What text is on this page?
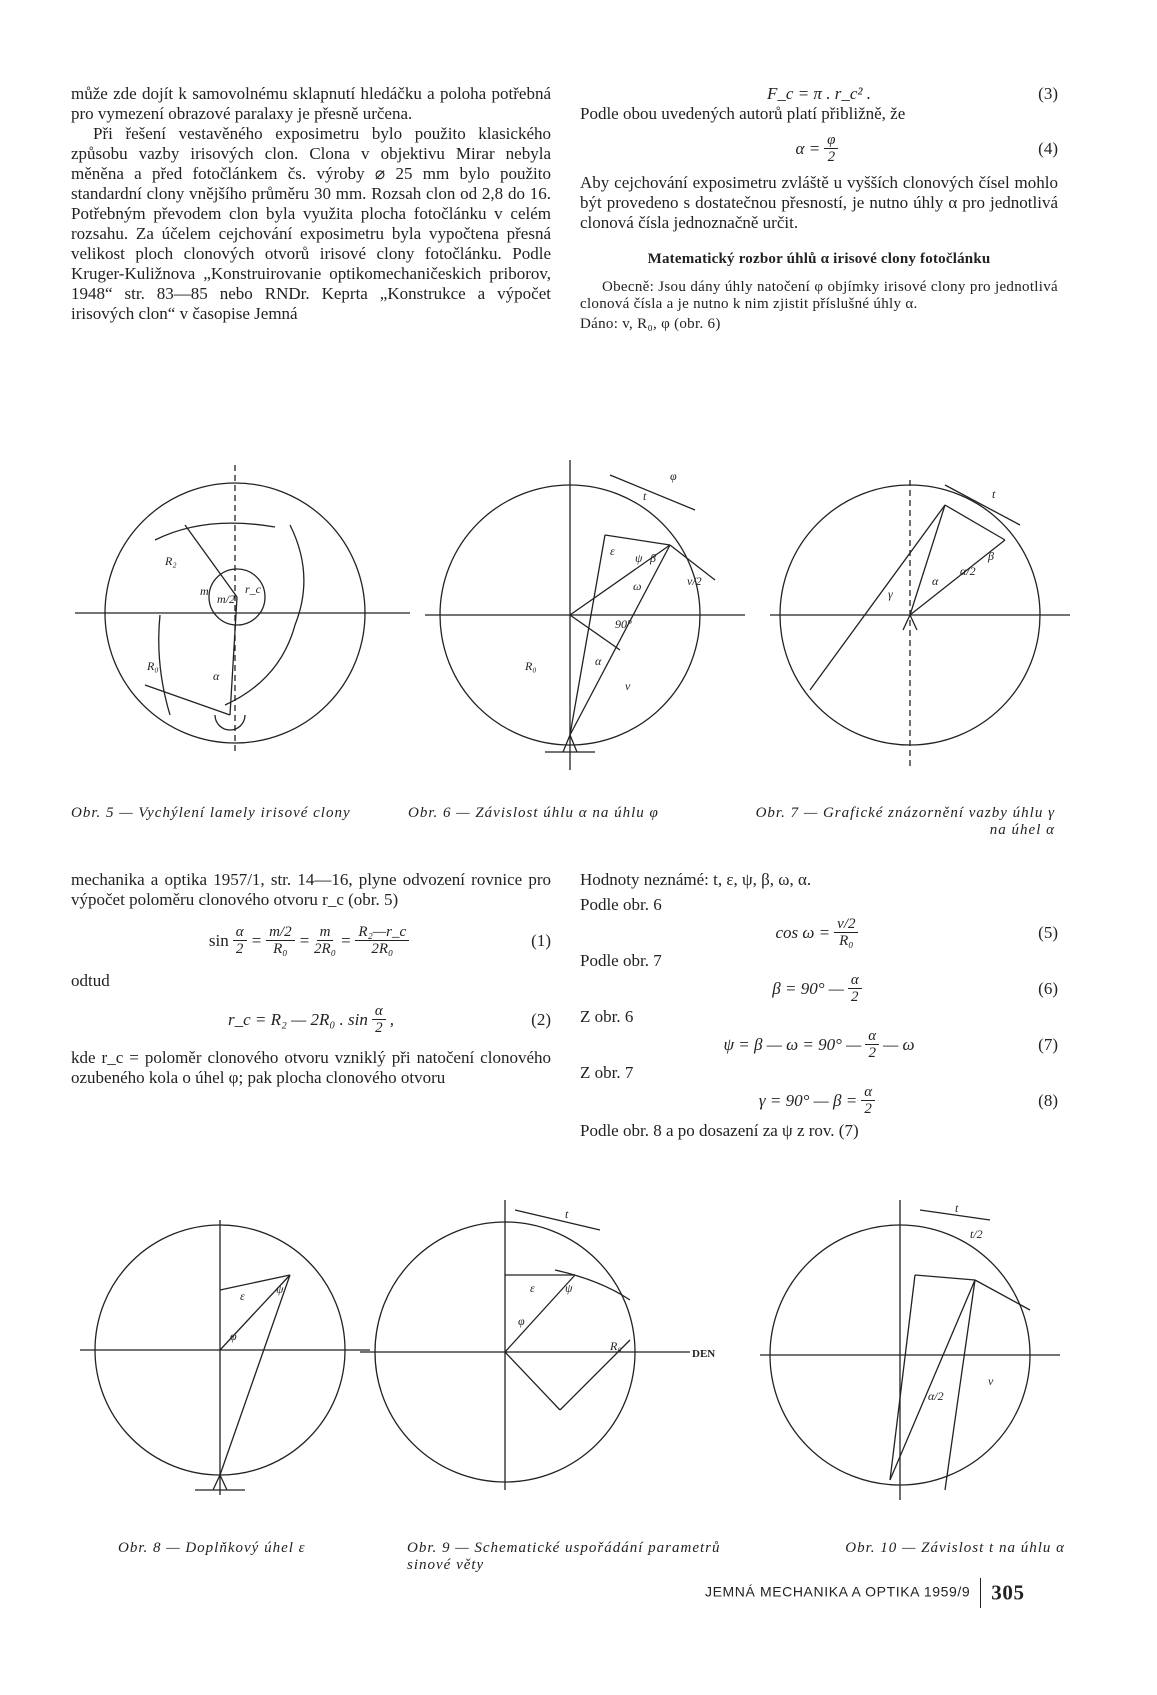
může zde dojít k samovolnému sklapnutí hledáčku a poloha potřebná pro vymezení obrazové paralaxy je přesně určena.

Při řešení vestavěného exposimetru bylo použito klasického způsobu vazby irisových clon. Clona v objektivu Mirar nebyla měněna a před fotočlánkem čs. výroby ⌀ 25 mm bylo použito standardní clony vnějšího průměru 30 mm. Rozsah clon od 2,8 do 16. Potřebným převodem clon byla využita plocha fotočlánku v celém rozsahu. Za účelem cejchování exposimetru byla vypočtena přesná velikost ploch clonových otvorů irisové clony fotočlánku. Podle Kruger-Kuližnova „Konstruirovanie optikomechaničeskich priborov, 1948“ str. 83—85 nebo RNDr. Keprta „Konstrukce a výpočet irisových clon“ v časopise Jemná

F_c = π . r_c² .	(3)

Podle obou uvedených autorů platí přibližně, že

$\alpha = \frac{\varphi}{2}$	(4)

Aby cejchování exposimetru zvláště u vyšších clonových čísel mohlo být provedeno s dostatečnou přesností, je nutno úhly α pro jednotlivá clonová čísla jednoznačně určit.

Matematický rozbor úhlů α irisové clony fotočlánku

Obecně: Jsou dány úhly natočení φ objímky irisové clony pro jednotlivá clonová čísla a je nutno k nim zjistit příslušné úhly α.

Dáno: v, R₀, φ (obr. 6)

R₂
m
m/2
r_c
R₀
α
φ
t
ε ψ β
ω	v/2
90°
α
R₀
v
t
β
α/2
α
γ
Obr. 5 — Vychýlení lamely irisové clony	Obr. 6 — Závislost úhlu α na úhlu φ	Obr. 7 — Grafické znázornění vazby úhlu γ na úhel α

mechanika a optika 1957/1, str. 14—16, plyne odvození rovnice pro výpočet poloměru clonového otvoru r_c (obr. 5)

$\sin \frac{\alpha}{2} = \frac{m/2}{\text{R₀}} = \frac{m}{\text{2R₀}} = \frac{\text{R₂—r\_c}}{\text{2R₀}}$	(1)

odtud

r_c = R₂ — 2R₀ . $\sin \frac{\alpha}{2}$ ,	(2)

kde r_c = poloměr clonového otvoru vzniklý při natočení clonového ozubeného kola o úhel φ; pak plocha clonového otvoru

Hodnoty neznámé: t, ε, ψ, β, ω, α.

Podle obr. 6

$\cos \omega = \frac{v/2}{\text{R₀}}$	(5)

Podle obr. 7

β = 90° — $\frac{\alpha}{2}$	(6)

Z obr. 6

ψ = β — ω = 90° — $\frac{\alpha}{2}$ — ω	(7)

Z obr. 7

γ = 90° — $\beta = \frac{\alpha}{2}$	(8)

Podle obr. 8 a po dosazení za ψ z rov. (7)

ε	ψ
φ
t
ε	ψ
φ
R₀
DEN
t
t/2
α/2
v
Obr. 8 — Doplňkový úhel ε	Obr. 9 — Schematické uspořádání parametrů sinové věty
Obr. 10 — Závislost t na úhlu α
JEMNÁ MECHANIKA A OPTIKA 1959/9 305
